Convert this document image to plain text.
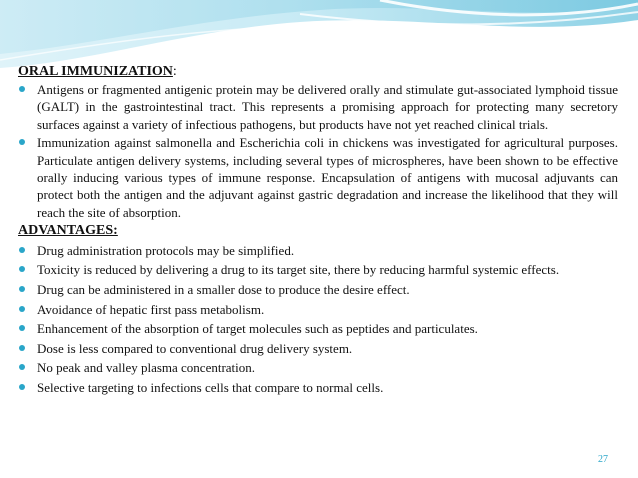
ORAL IMMUNIZATION:

Antigens or fragmented antigenic protein may be delivered orally and stimulate gut-associated lymphoid tissue (GALT) in the gastrointestinal tract. This represents a promising approach for protecting many secretory surfaces against a variety of infectious pathogens, but products have not yet reached clinical trials.
Immunization against salmonella and Escherichia coli in chickens was investigated for agricultural purposes. Particulate antigen delivery systems, including several types of microspheres, have been shown to be effective orally inducing various types of immune response. Encapsulation of antigens with mucosal adjuvants can protect both the antigen and the adjuvant against gastric degradation and increase the likelihood that they will reach the site of absorption.

ADVANTAGES:

Drug administration protocols may be simplified.
Toxicity is reduced by delivering a drug to its target site, there by reducing harmful systemic effects.
Drug can be administered in a smaller dose to produce the desire effect.
Avoidance of hepatic first pass metabolism.
Enhancement of the absorption of target molecules such as peptides and particulates.
Dose is less compared to conventional drug delivery system.
No peak and valley plasma concentration.
Selective targeting to infections cells that compare to normal cells.
27
